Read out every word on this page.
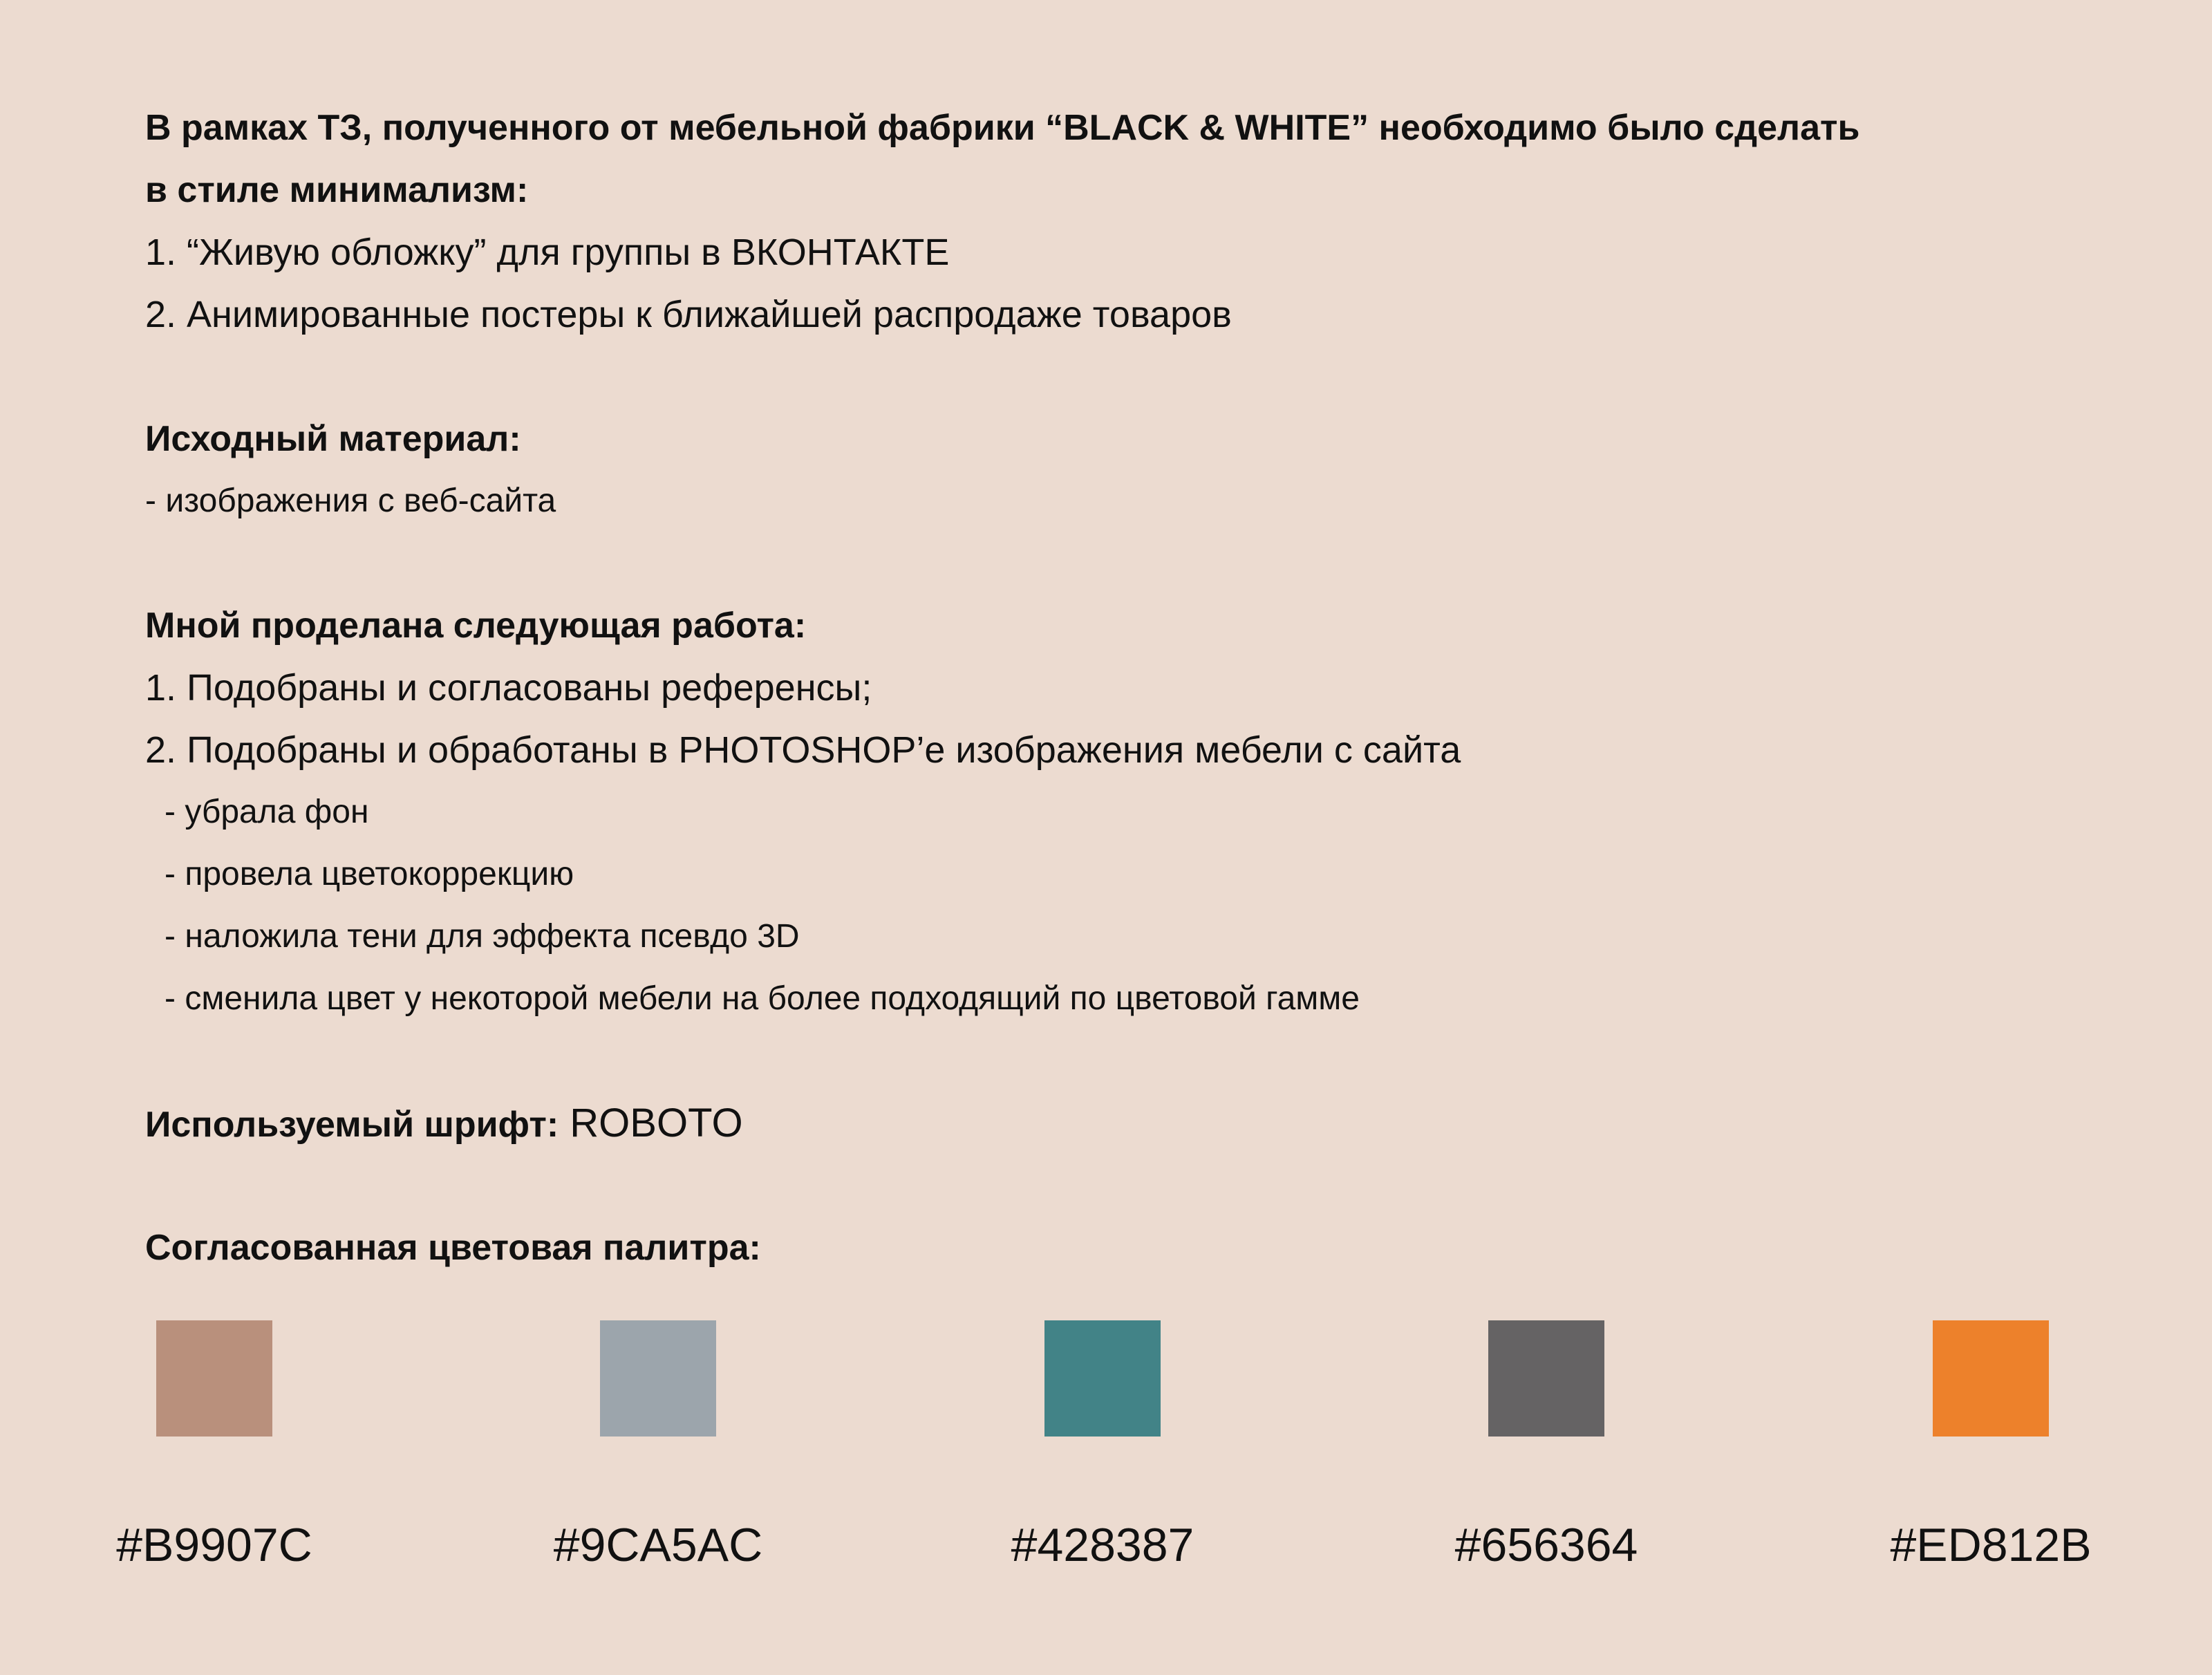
В рамках ТЗ, полученного от мебельной фабрики “BLACK & WHITE” необходимо было сделать

в стиле минимализм:

1. “Живую обложку” для группы в ВКОНТАКТЕ

2. Анимированные постеры к ближайшей распродаже товаров

Исходный материал:

- изображения с веб-сайта

Мной проделана следующая работа:

1. Подобраны и согласованы референсы;

2. Подобраны и обработаны в PHOTOSHOP’е изображения мебели с сайта

- убрала фон

- провела цветокоррекцию

- наложила тени для эффекта псевдо 3D

- сменила цвет у некоторой мебели на более подходящий по цветовой гамме

Используемый шрифт: ROBOTO

Согласованная цветовая палитра:

#B9907C	#9CA5AC	#428387	#656364	#ED812B
